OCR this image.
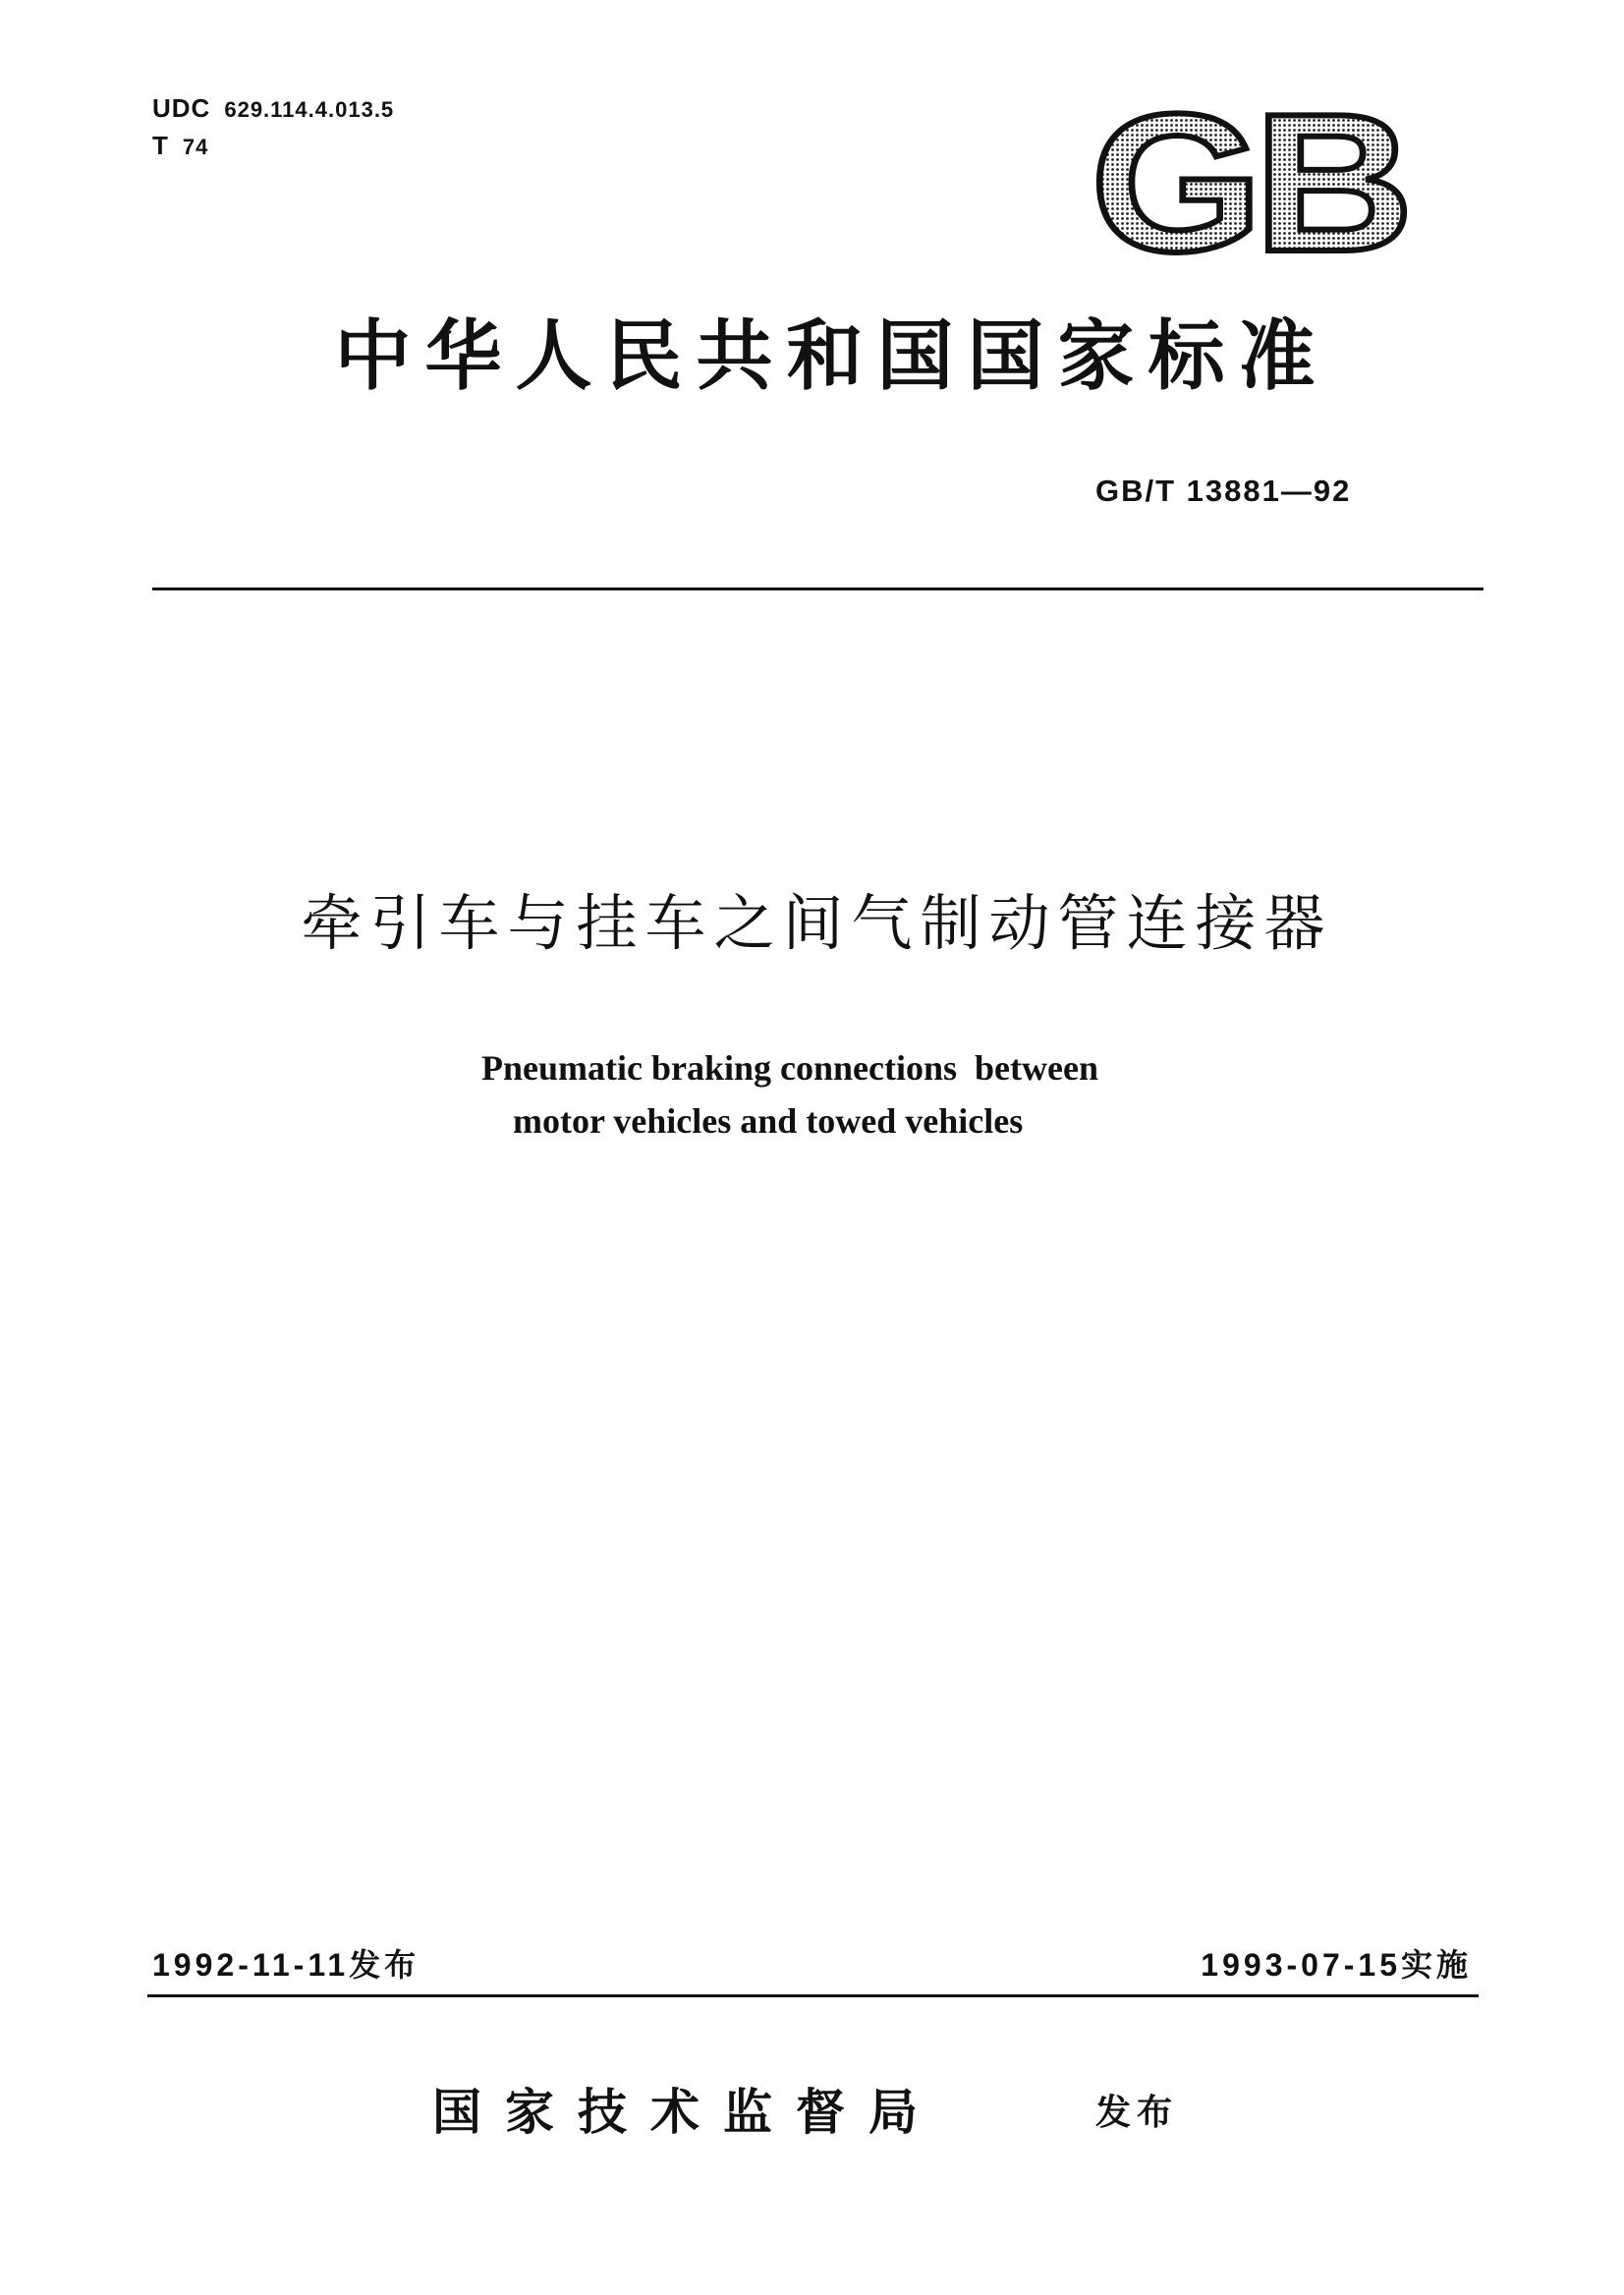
UDC 629.114.4.013.5
T 74	GB
中华人民共和国国家标准
GB/T 13881—92
牵引车与挂车之间气制动管连接器
Pneumatic braking connections  between
motor vehicles and towed vehicles
1992-11-11发布	1993-07-15实施
国家技术监督局	发布
